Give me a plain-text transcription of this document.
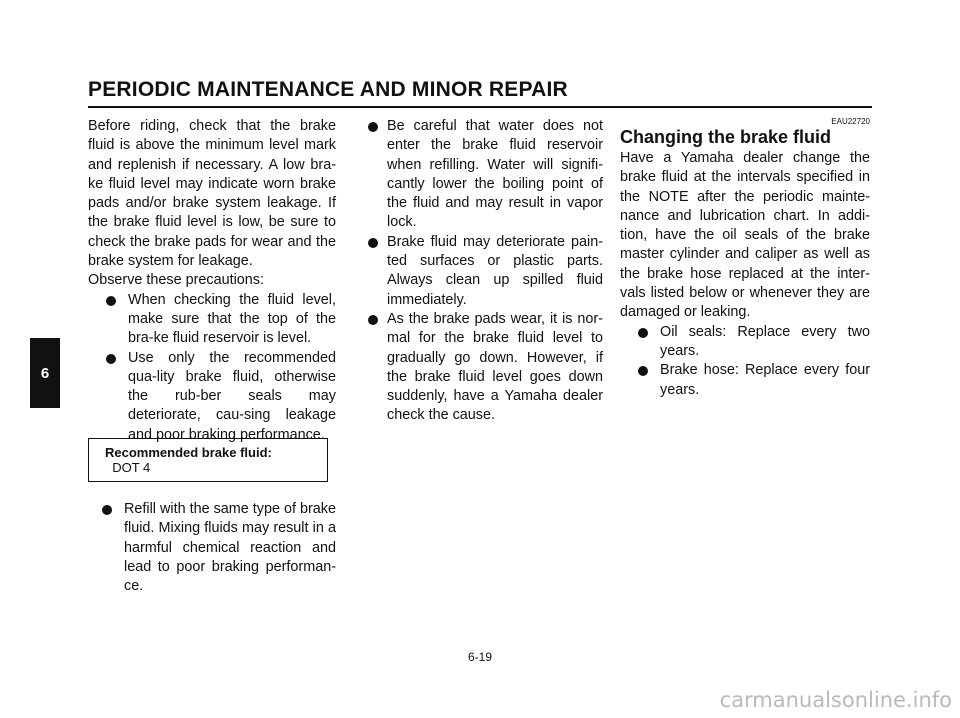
PERIODIC MAINTENANCE AND MINOR REPAIR
6

Before riding, check that the brake fluid is above the minimum level mark and replenish if necessary. A low bra-ke fluid level may indicate worn brake pads and/or brake system leakage. If the brake fluid level is low, be sure to check the brake pads for wear and the brake system for leakage.

Observe these precautions:

When checking the fluid level, make sure that the top of the bra-ke fluid reservoir is level.
Use only the recommended qua-lity brake fluid, otherwise the rub-ber seals may deteriorate, cau-sing leakage and poor braking performance.
Recommended brake fluid:
DOT 4
Refill with the same type of brake fluid. Mixing fluids may result in a harmful chemical reaction and lead to poor braking performan-ce.
Be careful that water does not enter the brake fluid reservoir when refilling. Water will signifi-cantly lower the boiling point of the fluid and may result in vapor lock.
Brake fluid may deteriorate pain-ted surfaces or plastic parts. Always clean up spilled fluid immediately.
As the brake pads wear, it is nor-mal for the brake fluid level to gradually go down. However, if the brake fluid level goes down suddenly, have a Yamaha dealer check the cause.
EAU22720
Changing the brake fluid

Have a Yamaha dealer change the brake fluid at the intervals specified in the NOTE after the periodic mainte-nance and lubrication chart. In addi-tion, have the oil seals of the brake master cylinder and caliper as well as the brake hose replaced at the inter-vals listed below or whenever they are damaged or leaking.

Oil seals: Replace every two years.
Brake hose: Replace every four years.
6-19
carmanualsonline.info
